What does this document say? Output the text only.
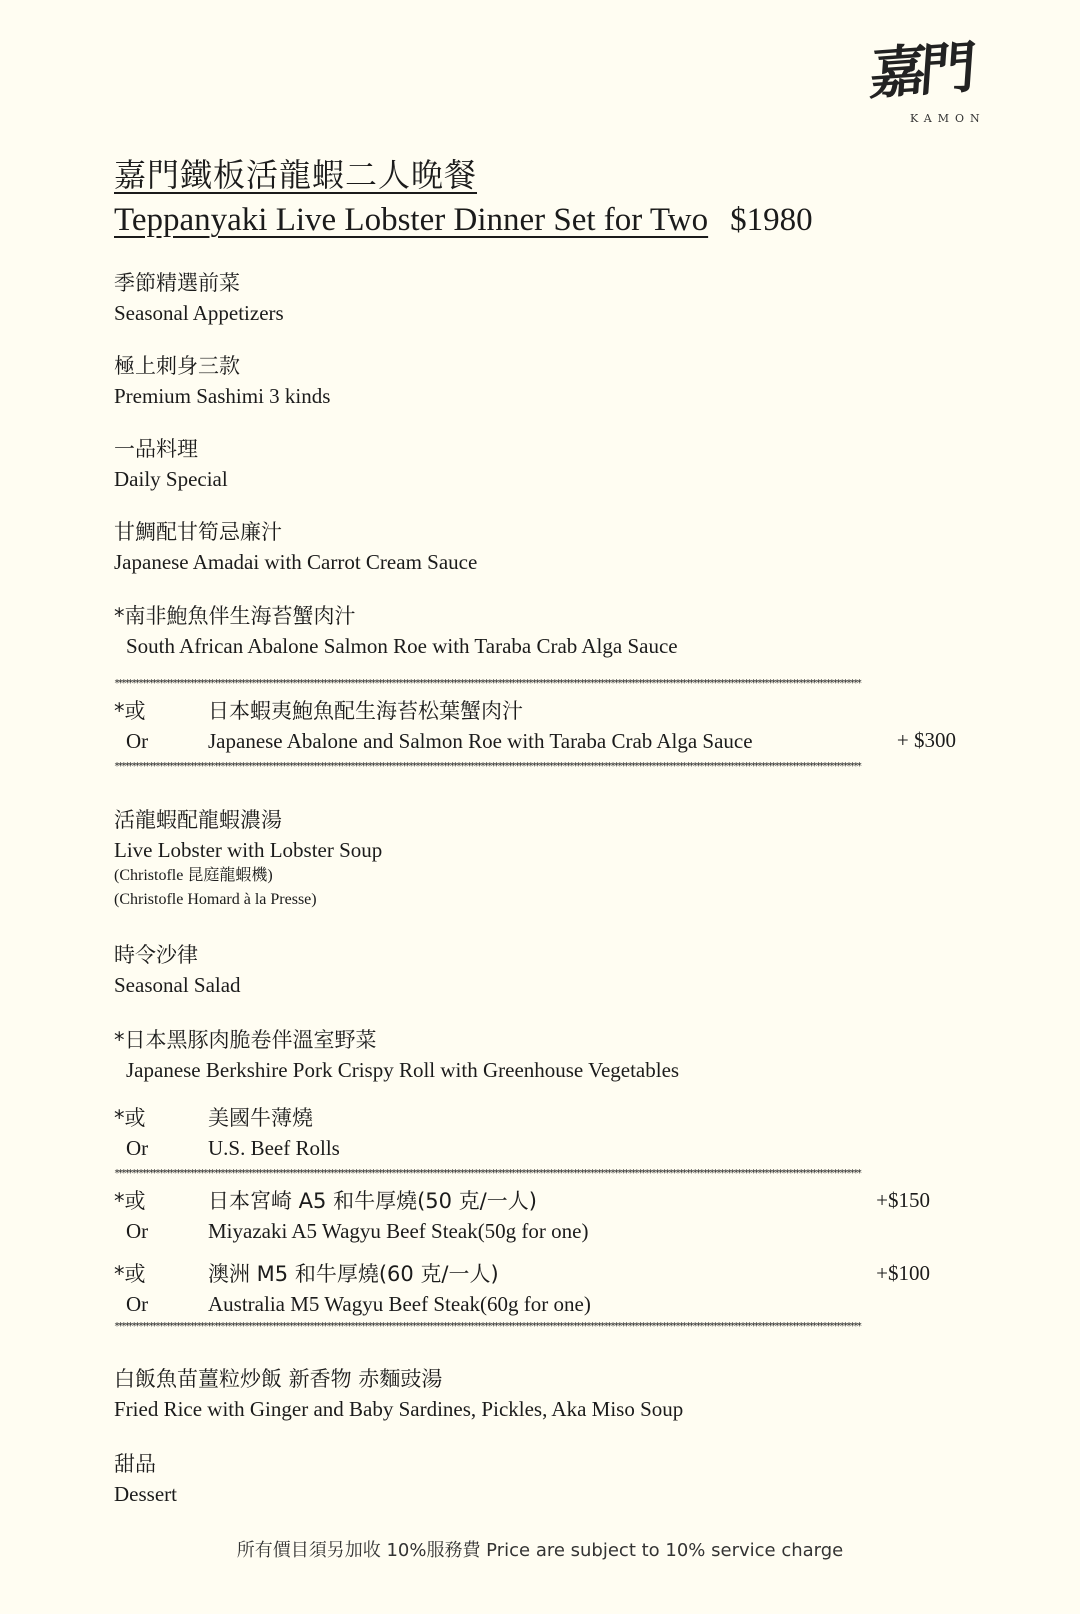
嘉門
KAMON
嘉門鐵板活龍蝦二人晚餐
Teppanyaki Live Lobster Dinner Set for Two $1980
季節精選前菜
Seasonal Appetizers
極上刺身三款
Premium Sashimi 3 kinds
一品料理
Daily Special
甘鯛配甘筍忌廉汁
Japanese Amadai with Carrot Cream Sauce
*南非鮑魚伴生海苔蟹肉汁
South African Abalone Salmon Roe with Taraba Crab Alga Sauce
**************************************************************************************************************************************************************************************************************************
*或
Or
日本蝦夷鮑魚配生海苔松葉蟹肉汁
Japanese Abalone and Salmon Roe with Taraba Crab Alga Sauce	+ $300
**************************************************************************************************************************************************************************************************************************
活龍蝦配龍蝦濃湯
Live Lobster with Lobster Soup
(Christofle 昆庭龍蝦機)
(Christofle Homard à la Presse)
時令沙律
Seasonal Salad
*日本黑豚肉脆卷伴溫室野菜
Japanese Berkshire Pork Crispy Roll with Greenhouse Vegetables
*或
Or
美國牛薄燒
U.S. Beef Rolls
**************************************************************************************************************************************************************************************************************************
*或
Or
日本宮崎 A5 和牛厚燒(50 克/一人)
Miyazaki A5 Wagyu Beef Steak(50g for one)
+$150
*或
Or
澳洲 M5 和牛厚燒(60 克/一人)
Australia M5 Wagyu Beef Steak(60g for one)
+$100
**************************************************************************************************************************************************************************************************************************
白飯魚苗薑粒炒飯 新香物 赤麵豉湯
Fried Rice with Ginger and Baby Sardines, Pickles, Aka Miso Soup
甜品
Dessert
所有價目須另加收 10%服務費 Price are subject to 10% service charge
